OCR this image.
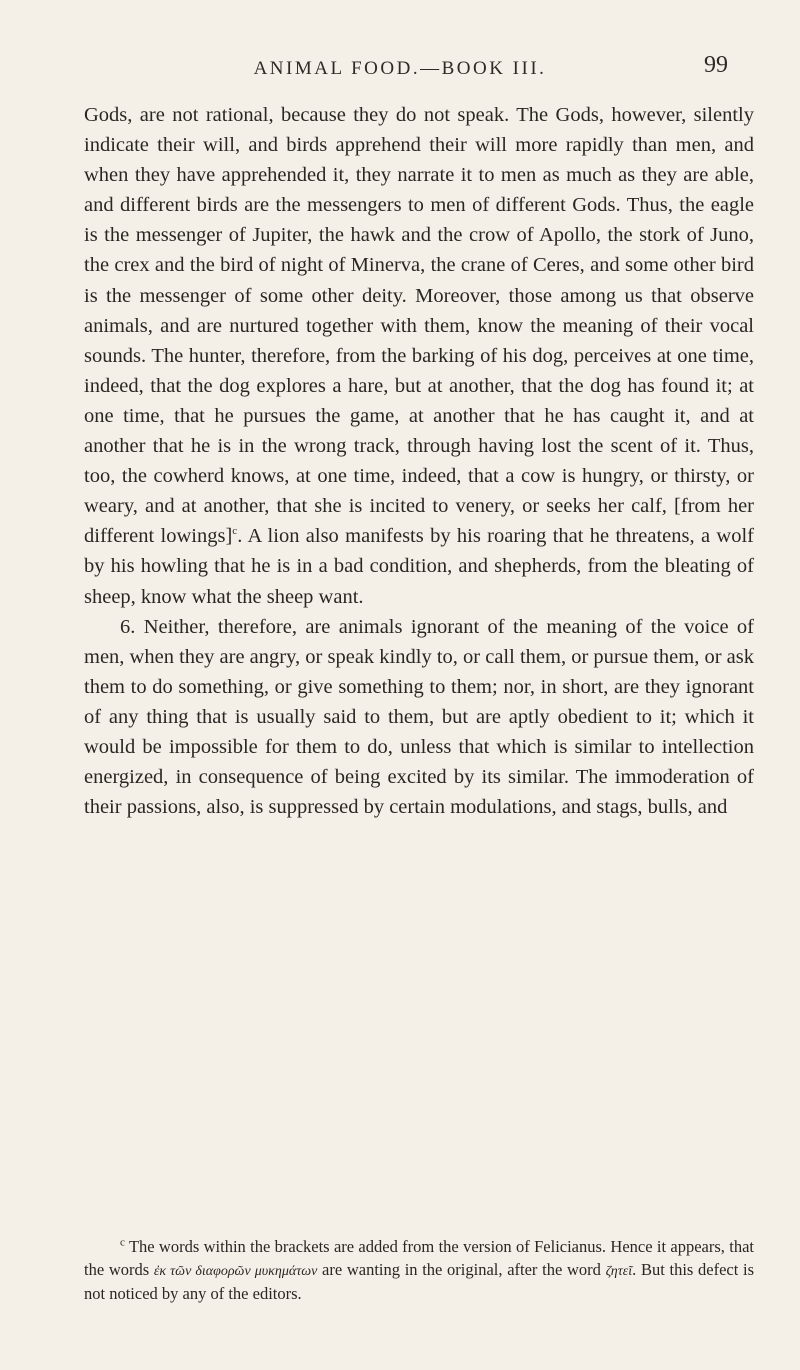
ANIMAL FOOD.—BOOK III.	99

Gods, are not rational, because they do not speak. The Gods, however, silently indicate their will, and birds apprehend their will more rapidly than men, and when they have apprehended it, they narrate it to men as much as they are able, and different birds are the messengers to men of different Gods. Thus, the eagle is the messenger of Jupiter, the hawk and the crow of Apollo, the stork of Juno, the crex and the bird of night of Minerva, the crane of Ceres, and some other bird is the messenger of some other deity. Moreover, those among us that observe animals, and are nurtured together with them, know the meaning of their vocal sounds. The hunter, therefore, from the barking of his dog, perceives at one time, indeed, that the dog explores a hare, but at another, that the dog has found it; at one time, that he pursues the game, at another that he has caught it, and at another that he is in the wrong track, through having lost the scent of it. Thus, too, the cowherd knows, at one time, indeed, that a cow is hungry, or thirsty, or weary, and at another, that she is incited to venery, or seeks her calf, [from her different lowings]$^c$. A lion also manifests by his roaring that he threatens, a wolf by his howling that he is in a bad condition, and shepherds, from the bleating of sheep, know what the sheep want.

6. Neither, therefore, are animals ignorant of the meaning of the voice of men, when they are angry, or speak kindly to, or call them, or pursue them, or ask them to do something, or give something to them; nor, in short, are they ignorant of any thing that is usually said to them, but are aptly obedient to it; which it would be impossible for them to do, unless that which is similar to intellection energized, in consequence of being excited by its similar. The immoderation of their passions, also, is suppressed by certain modulations, and stags, bulls, and

$^c$ The words within the brackets are added from the version of Felicianus. Hence it appears, that the words ἐκ τῶν διαφορῶν μυκημάτων are wanting in the original, after the word ζητεῖ. But this defect is not noticed by any of the editors.
